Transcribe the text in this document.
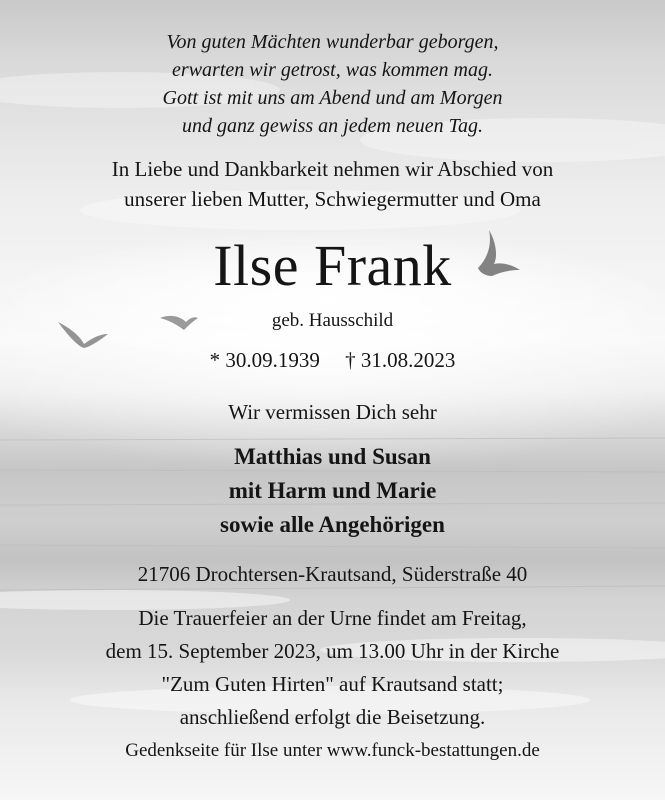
Von guten Mächten wunderbar geborgen,
erwarten wir getrost, was kommen mag.
Gott ist mit uns am Abend und am Morgen
und ganz gewiss an jedem neuen Tag.
In Liebe und Dankbarkeit nehmen wir Abschied von
unserer lieben Mutter, Schwiegermutter und Oma
Ilse Frank
geb. Hausschild
* 30.09.1939 † 31.08.2023
Wir vermissen Dich sehr
Matthias und Susan
mit Harm und Marie
sowie alle Angehörigen
21706 Drochtersen-Krautsand, Süderstraße 40
Die Trauerfeier an der Urne findet am Freitag,
dem 15. September 2023, um 13.00 Uhr in der Kirche
"Zum Guten Hirten" auf Krautsand statt;
anschließend erfolgt die Beisetzung.
Gedenkseite für Ilse unter www.funck-bestattungen.de
